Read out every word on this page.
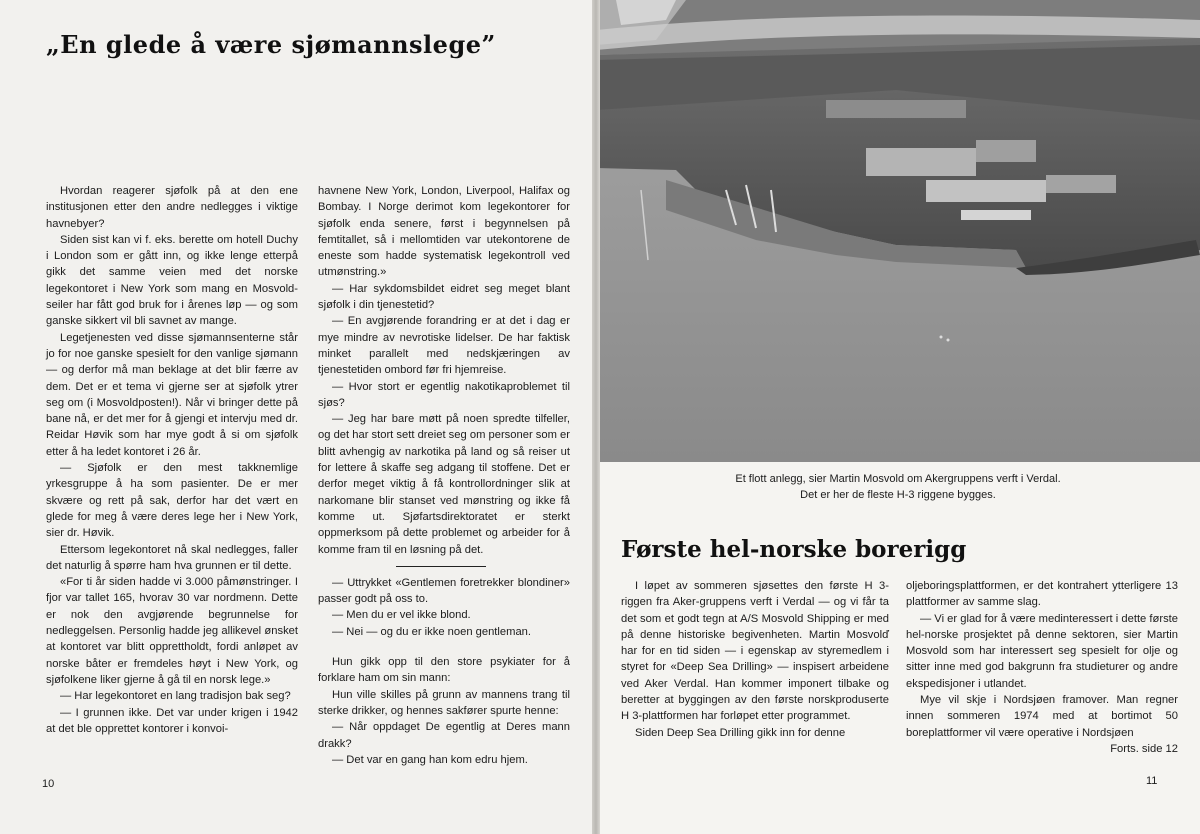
„En glede å være sjømannslege”

Hvordan reagerer sjøfolk på at den ene institusjonen etter den andre nedlegges i viktige havnebyer?

Siden sist kan vi f. eks. berette om hotell Duchy i London som er gått inn, og ikke lenge etterpå gikk det samme veien med det norske legekontoret i New York som mang en Mosvold-seiler har fått god bruk for i årenes løp — og som ganske sikkert vil bli savnet av mange.

Legetjenesten ved disse sjømannsenterne står jo for noe ganske spesielt for den vanlige sjømann — og derfor må man beklage at det blir færre av dem. Det er et tema vi gjerne ser at sjøfolk ytrer seg om (i Mosvoldposten!). Når vi bringer dette på bane nå, er det mer for å gjengi et intervju med dr. Reidar Høvik som har mye godt å si om sjøfolk etter å ha ledet kontoret i 26 år.

— Sjøfolk er den mest takknemlige yrkesgruppe å ha som pasienter. De er mer skvære og rett på sak, derfor har det vært en glede for meg å være deres lege her i New York, sier dr. Høvik.

Ettersom legekontoret nå skal nedlegges, faller det naturlig å spørre ham hva grunnen er til dette.

«For ti år siden hadde vi 3.000 påmønstringer. I fjor var tallet 165, hvorav 30 var nordmenn. Dette er nok den avgjørende begrunnelse for nedleggelsen. Personlig hadde jeg allikevel ønsket at kontoret var blitt opprettholdt, fordi anløpet av norske båter er fremdeles høyt i New York, og sjøfolkene liker gjerne å gå til en norsk lege.»

— Har legekontoret en lang tradisjon bak seg?

— I grunnen ikke. Det var under krigen i 1942 at det ble opprettet kontorer i konvoi-

havnene New York, London, Liverpool, Halifax og Bombay. I Norge derimot kom legekontorer for sjøfolk enda senere, først i begynnelsen på femtitallet, så i mellomtiden var utekontorene de eneste som hadde systematisk legekontroll ved utmønstring.»

— Har sykdomsbildet eidret seg meget blant sjøfolk i din tjenestetid?

— En avgjørende forandring er at det i dag er mye mindre av nevrotiske lidelser. De har faktisk minket parallelt med nedskjæringen av tjenestetiden ombord før fri hjemreise.

— Hvor stort er egentlig nakotikaproblemet til sjøs?

— Jeg har bare møtt på noen spredte tilfeller, og det har stort sett dreiet seg om personer som er blitt avhengig av narkotika på land og så reiser ut for lettere å skaffe seg adgang til stoffene. Det er derfor meget viktig å få kontrollordninger slik at narkomane blir stanset ved mønstring og ikke få komme ut. Sjøfartsdirektoratet er sterkt oppmerksom på dette problemet og arbeider for å komme fram til en løsning på det.

— Uttrykket «Gentlemen foretrekker blondiner» passer godt på oss to.

— Men du er vel ikke blond.

— Nei — og du er ikke noen gentleman.

Hun gikk opp til den store psykiater for å forklare ham om sin mann:

Hun ville skilles på grunn av mannens trang til sterke drikker, og hennes sakfører spurte henne:

— Når oppdaget De egentlig at Deres mann drakk?

— Det var en gang han kom edru hjem.

10
Et flott anlegg, sier Martin Mosvold om Akergruppens verft i Verdal.
Det er her de fleste H-3 riggene bygges.
Første hel-norske borerigg

I løpet av sommeren sjøsettes den første H 3-riggen fra Aker-gruppens verft i Verdal — og vi får ta det som et godt tegn at A/S Mosvold Shipping er med på denne historiske begivenheten. Martin Mosvolď har for en tid siden — i egenskap av styremedlem i styret for «Deep Sea Drilling» — inspisert arbeidene ved Aker Verdal. Han kommer imponert tilbake og beretter at byggingen av den første norskproduserte H 3-plattformen har forløpet etter programmet.

Siden Deep Sea Drilling gikk inn for denne

oljeboringsplattformen, er det kontrahert ytterligere 13 plattformer av samme slag.

— Vi er glad for å være medinteressert i dette første hel-norske prosjektet på denne sektoren, sier Martin Mosvold som har interessert seg spesielt for olje og sitter inne med god bakgrunn fra studieturer og andre ekspedisjoner i utlandet.

Mye vil skje i Nordsjøen framover. Man regner innen sommeren 1974 med at bortimot 50 boreplattformer vil være operative i Nordsjøen

Forts. side 12

11
